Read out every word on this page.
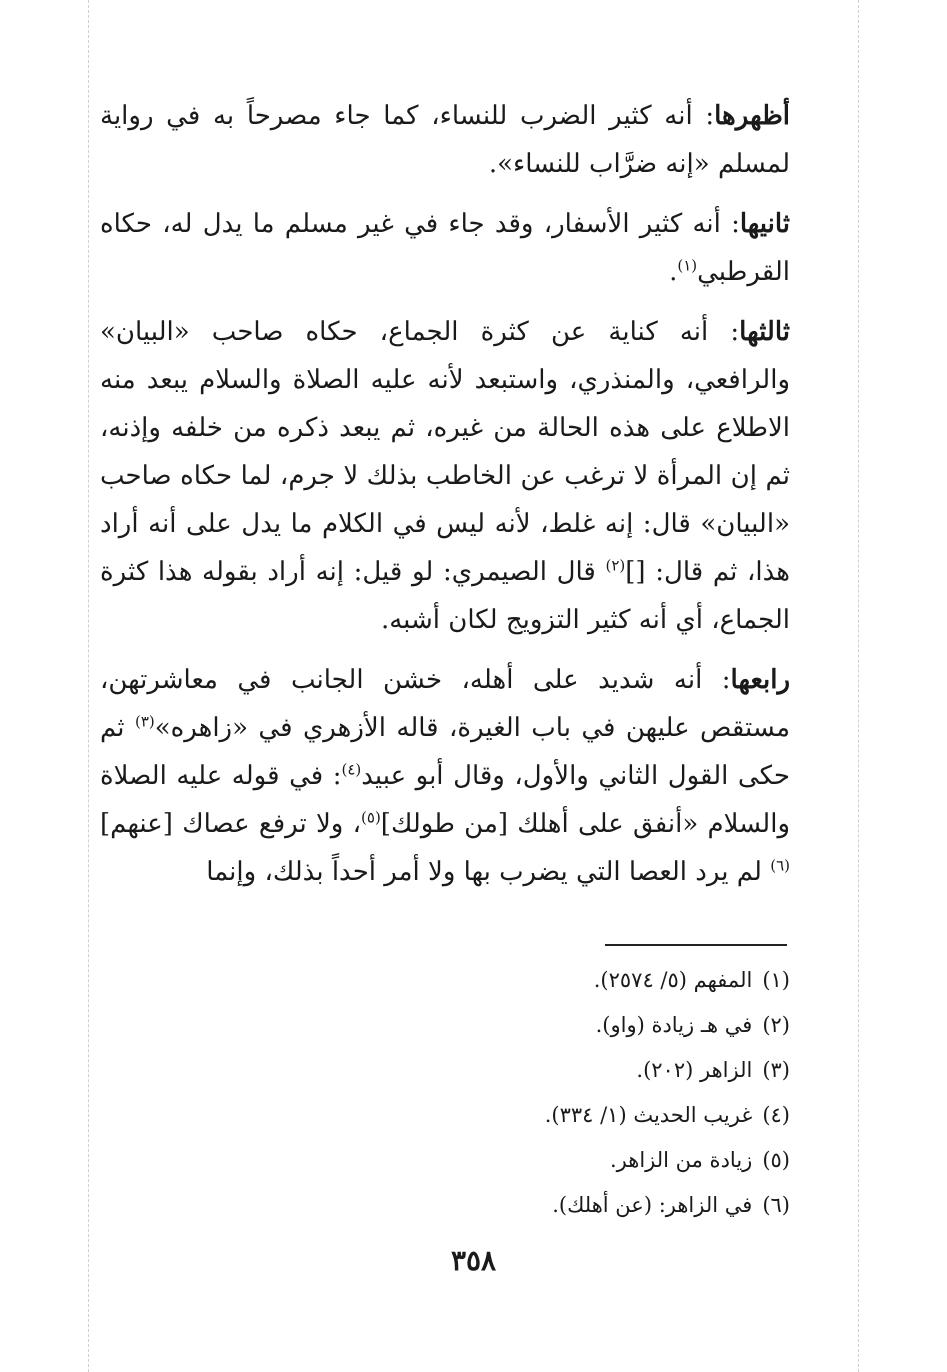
أظهرها: أنه كثير الضرب للنساء، كما جاء مصرحاً به في رواية لمسلم «إنه ضرَّاب للنساء».

ثانيها: أنه كثير الأسفار، وقد جاء في غير مسلم ما يدل له، حكاه القرطبي$^{(١)}$.

ثالثها: أنه كناية عن كثرة الجماع، حكاه صاحب «البيان» والرافعي، والمنذري، واستبعد لأنه عليه الصلاة والسلام يبعد منه الاطلاع على هذه الحالة من غيره، ثم يبعد ذكره من خلفه وإذنه، ثم إن المرأة لا ترغب عن الخاطب بذلك لا جرم، لما حكاه صاحب «البيان» قال: إنه غلط، لأنه ليس في الكلام ما يدل على أنه أراد هذا، ثم قال: []$^{(٢)}$ قال الصيمري: لو قيل: إنه أراد بقوله هذا كثرة الجماع، أي أنه كثير التزويج لكان أشبه.

رابعها: أنه شديد على أهله، خشن الجانب في معاشرتهن، مستقص عليهن في باب الغيرة، قاله الأزهري في «زاهره»$^{(٣)}$ ثم حكى القول الثاني والأول، وقال أبو عبيد$^{(٤)}$: في قوله عليه الصلاة والسلام «أنفق على أهلك [من طولك]$^{(٥)}$، ولا ترفع عصاك [عنهم]$^{(٦)}$ لم يرد العصا التي يضرب بها ولا أمر أحداً بذلك، وإنما

(١)
المفهم (٥/ ٢٥٧٤).
(٢)
في هـ زيادة (واو).
(٣)
الزاهر (٢٠٢).
(٤)
غريب الحديث (١/ ٣٣٤).
(٥)
زيادة من الزاهر.
(٦)
في الزاهر: (عن أهلك).
٣٥٨
